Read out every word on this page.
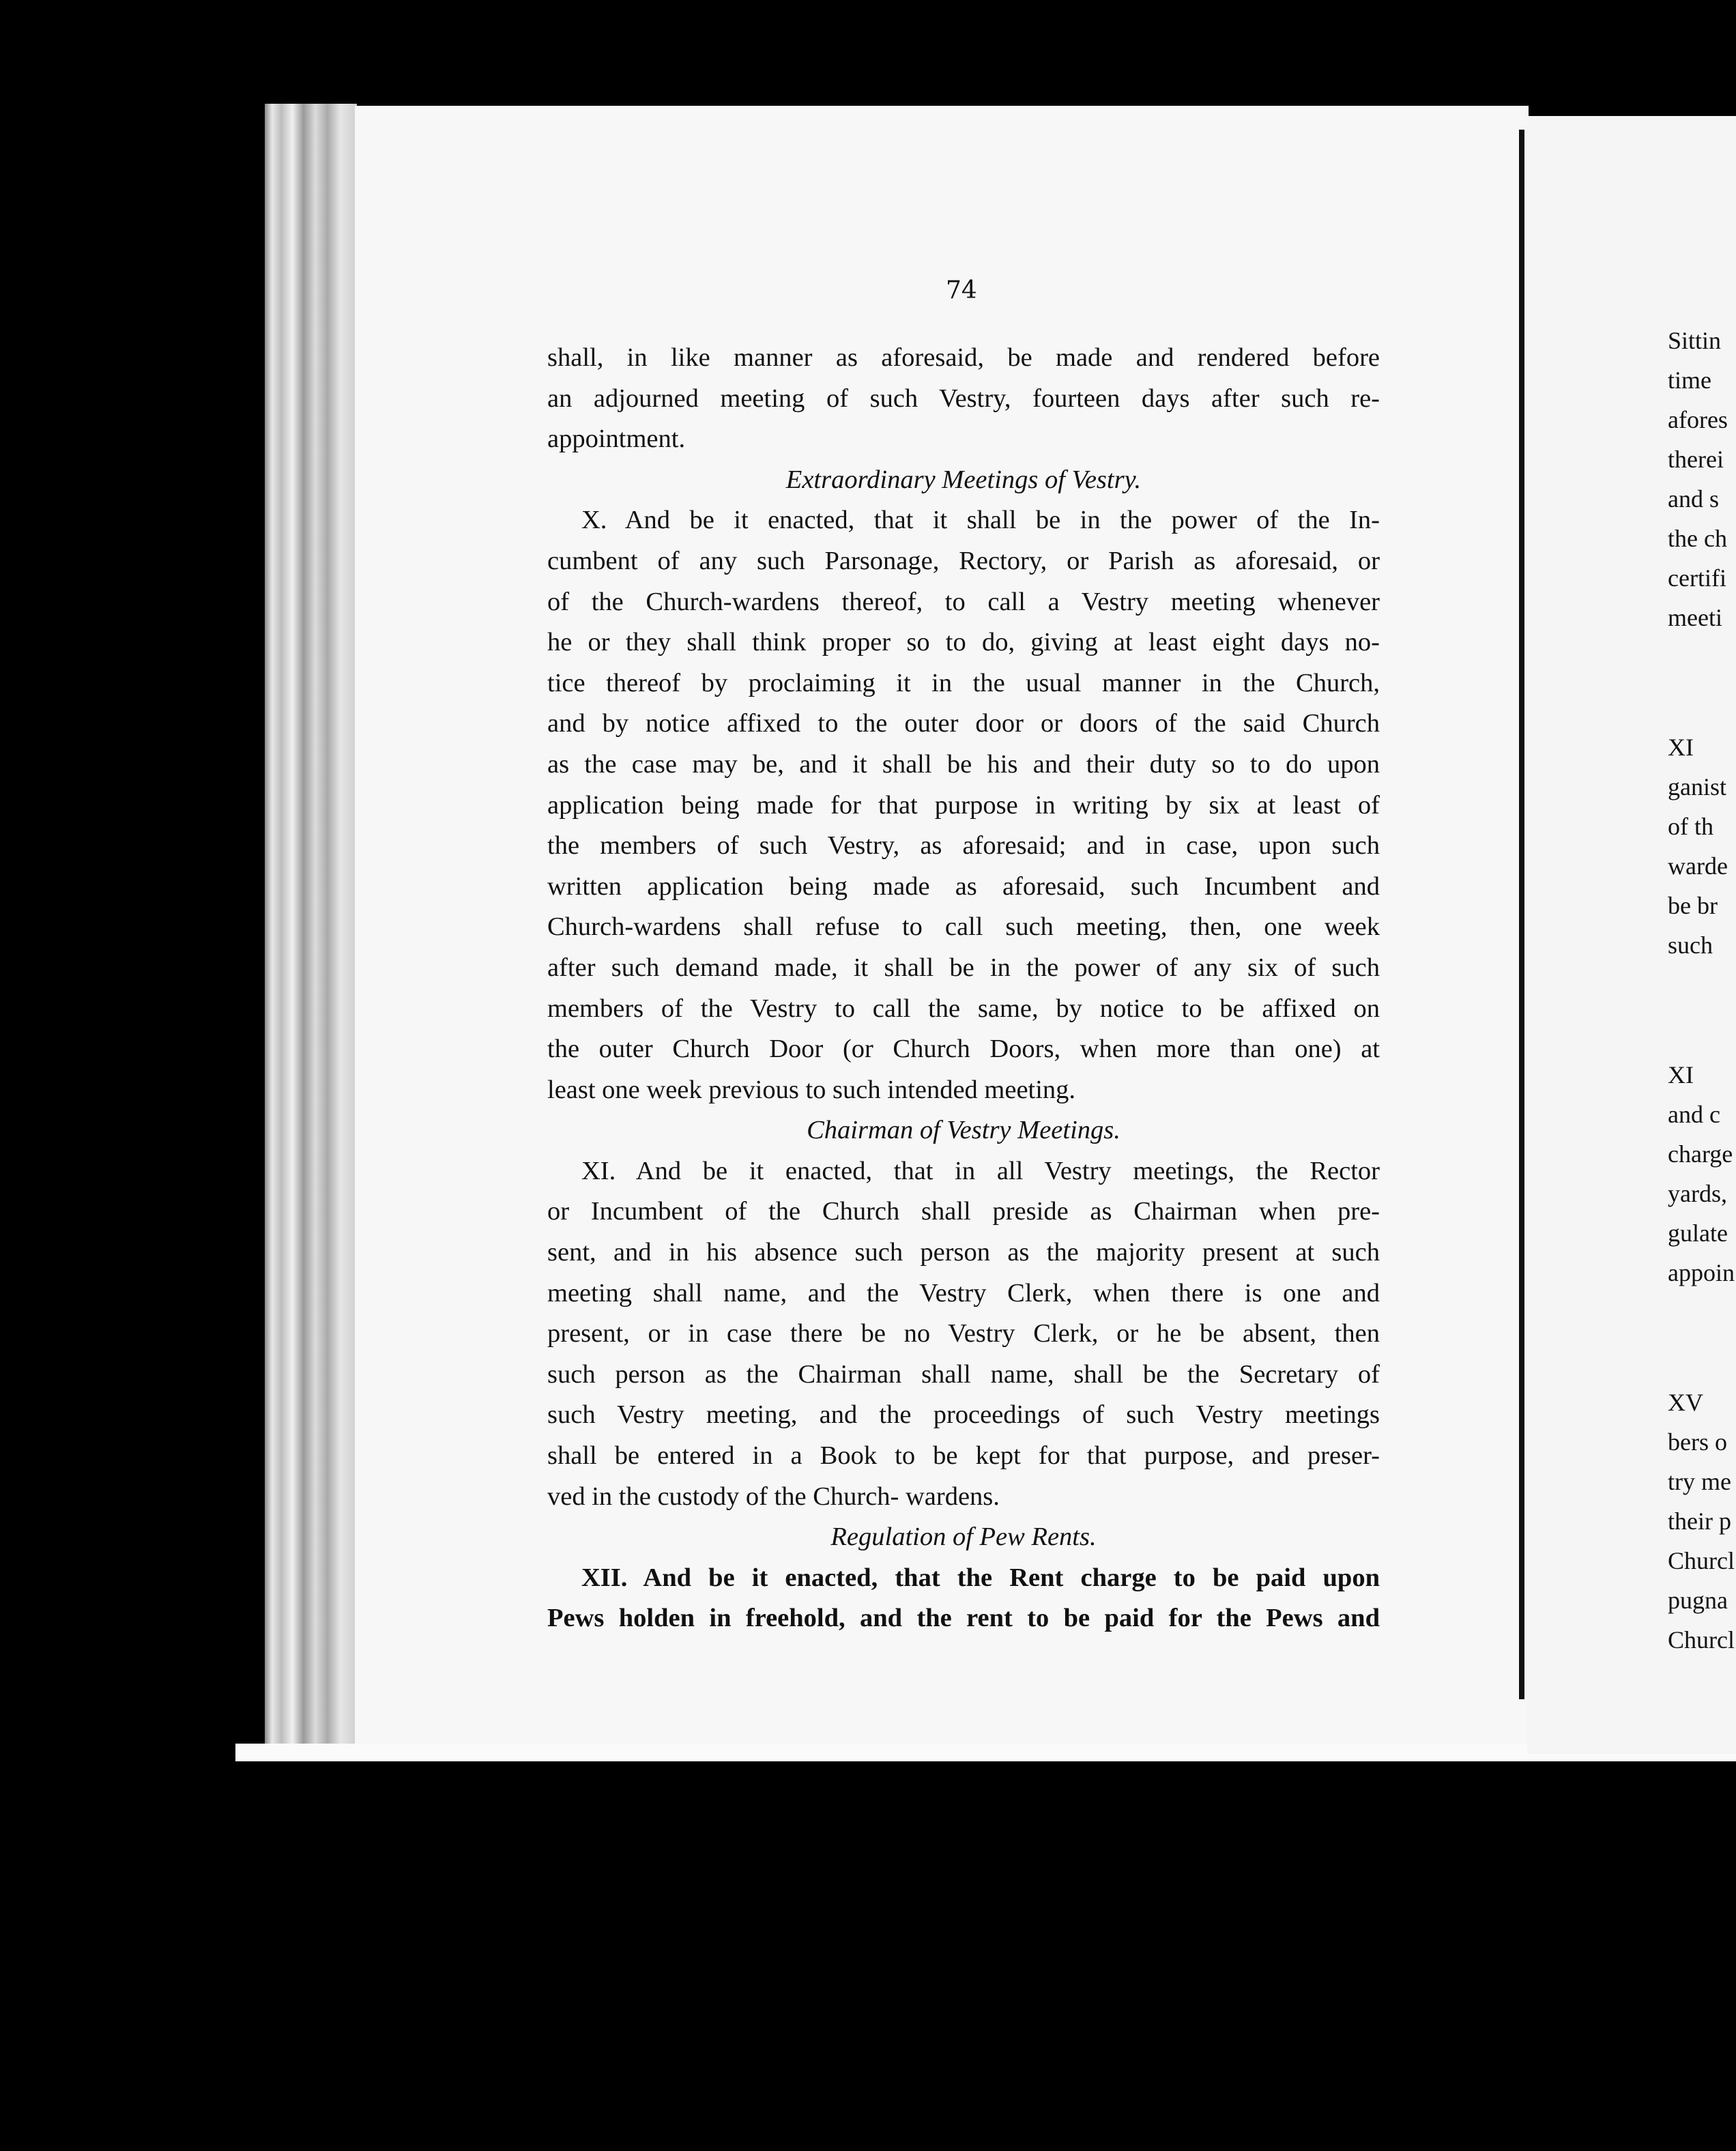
74
shall, in like manner as aforesaid, be made and rendered before
an adjourned meeting of such Vestry, fourteen days after such re-
appointment.
Extraordinary Meetings of Vestry.
X. And be it enacted, that it shall be in the power of the In-
cumbent of any such Parsonage, Rectory, or Parish as aforesaid, or
of the Church-wardens thereof, to call a Vestry meeting whenever
he or they shall think proper so to do, giving at least eight days no-
tice thereof by proclaiming it in the usual manner in the Church,
and by notice affixed to the outer door or doors of the said Church
as the case may be, and it shall be his and their duty so to do upon
application being made for that purpose in writing by six at least of
the members of such Vestry, as aforesaid; and in case, upon such
written application being made as aforesaid, such Incumbent and
Church-wardens shall refuse to call such meeting, then, one week
after such demand made, it shall be in the power of any six of such
members of the Vestry to call the same, by notice to be affixed on
the outer Church Door (or Church Doors, when more than one) at
least one week previous to such intended meeting.
Chairman of Vestry Meetings.
XI. And be it enacted, that in all Vestry meetings, the Rector
or Incumbent of the Church shall preside as Chairman when pre-
sent, and in his absence such person as the majority present at such
meeting shall name, and the Vestry Clerk, when there is one and
present, or in case there be no Vestry Clerk, or he be absent, then
such person as the Chairman shall name, shall be the Secretary of
such Vestry meeting, and the proceedings of such Vestry meetings
shall be entered in a Book to be kept for that purpose, and preser-
ved in the custody of the Church- wardens.
Regulation of Pew Rents.
XII. And be it enacted, that the Rent charge to be paid upon
Pews holden in freehold, and the rent to be paid for the Pews and
Sittin
time
afores
therei
and s
the ch
certifi
meeti
XI
ganist
of th
warde
be br
such
XI
and c
charge
yards,
gulate
appoin
XV
bers o
try me
their p
Churcl
pugna
Churcl
